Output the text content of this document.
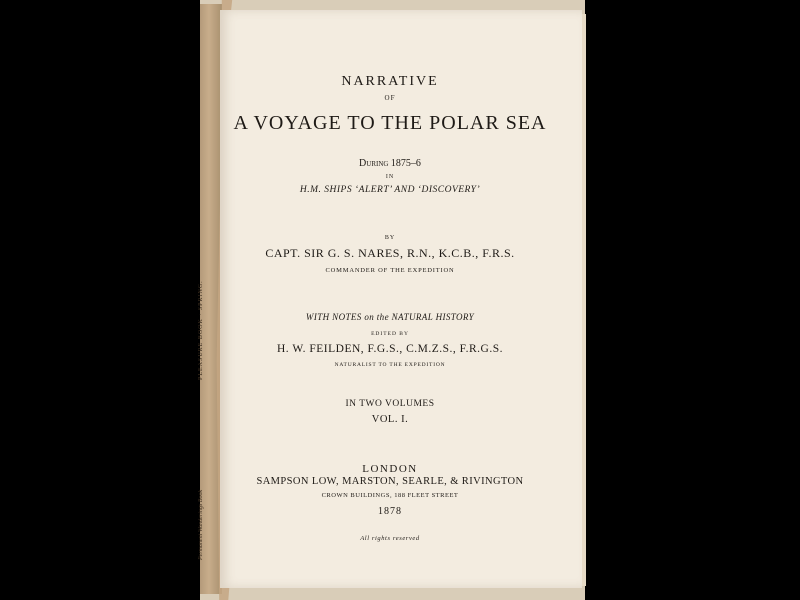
PLEASURE BOOK · SPRING.
Permanent Wanderings Book
NARRATIVE
OF
A VOYAGE TO THE POLAR SEA
During 1875–6
IN
H.M. SHIPS ‘ALERT’ AND ‘DISCOVERY’
BY
CAPT. SIR G. S. NARES, R.N., K.C.B., F.R.S.
COMMANDER OF THE EXPEDITION
WITH NOTES on the NATURAL HISTORY
EDITED BY
H. W. FEILDEN, F.G.S., C.M.Z.S., F.R.G.S.
NATURALIST TO THE EXPEDITION
IN TWO VOLUMES
VOL. I.
LONDON
SAMPSON LOW, MARSTON, SEARLE, & RIVINGTON
CROWN BUILDINGS, 188 FLEET STREET
1878
All rights reserved
